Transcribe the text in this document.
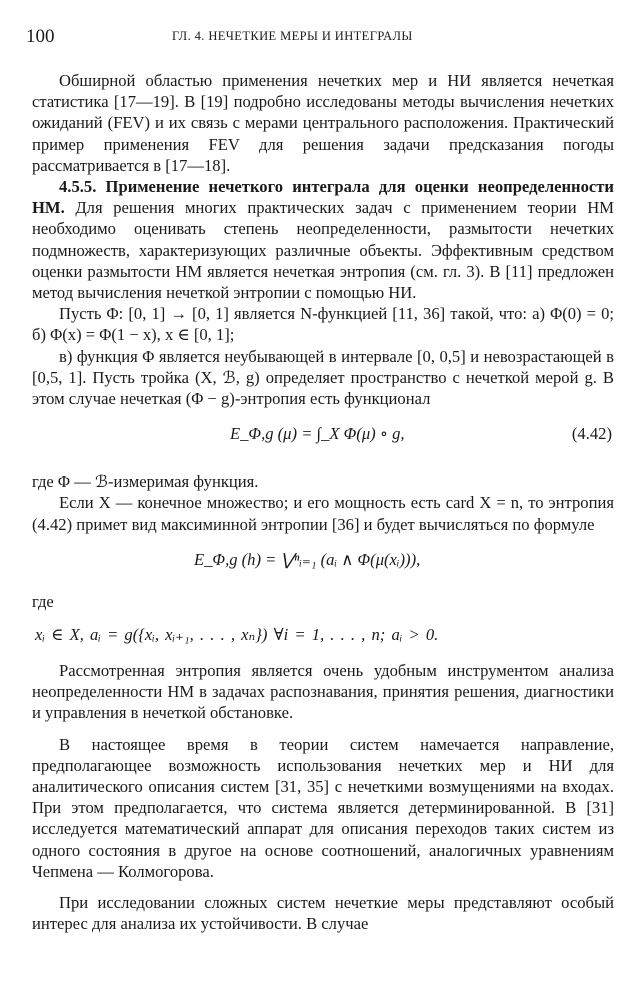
100	ГЛ. 4. НЕЧЕТКИЕ МЕРЫ И ИНТЕГРАЛЫ

Обширной областью применения нечетких мер и НИ является нечеткая статистика [17—19]. В [19] подробно исследованы методы вычисления нечетких ожиданий (FEV) и их связь с мерами центрального расположения. Практический пример применения FEV для решения задачи предсказания погоды рассматривается в [17—18].

4.5.5. Применение нечеткого интеграла для оценки неопределенности НМ. Для решения многих практических задач с применением теории НМ необходимо оценивать степень неопределенности, размытости нечетких подмножеств, характеризующих различные объекты. Эффективным средством оценки размытости НМ является нечеткая энтропия (см. гл. 3). В [11] предложен метод вычисления нечеткой энтропии с помощью НИ.

Пусть Φ: [0, 1] → [0, 1] является N-функцией [11, 36] такой, что: а) Φ(0) = 0; б) Φ(x) = Φ(1 − x), x ∈ [0, 1];

в) функция Φ является неубывающей в интервале [0, 0,5] и невозрастающей в [0,5, 1]. Пусть тройка (X, ℬ, g) определяет пространство с нечеткой мерой g. В этом случае нечеткая (Φ − g)-энтропия есть функционал

E_Φ,g (μ) = ∫_X Φ(μ) ∘ g,	(4.42)

где Φ — ℬ-измеримая функция.

Если X — конечное множество; и его мощность есть card X = n, то энтропия (4.42) примет вид максиминной энтропии [36] и будет вычисляться по формуле

E_Φ,g (h) = ⋁ⁿᵢ₌₁ (aᵢ ∧ Φ(μ(xᵢ))),

где

xᵢ ∈ X, aᵢ = g({xᵢ, xᵢ₊₁, . . . , xₙ}) ∀i = 1, . . . , n; aᵢ > 0.

Рассмотренная энтропия является очень удобным инструментом анализа неопределенности НМ в задачах распознавания, принятия решения, диагностики и управления в нечеткой обстановке.

В настоящее время в теории систем намечается направление, предполагающее возможность использования нечетких мер и НИ для аналитического описания систем [31, 35] с нечеткими возмущениями на входах. При этом предполагается, что система является детерминированной. В [31] исследуется математический аппарат для описания переходов таких систем из одного состояния в другое на основе соотношений, аналогичных уравнениям Чепмена — Колмогорова.

При исследовании сложных систем нечеткие меры представляют особый интерес для анализа их устойчивости. В случае
